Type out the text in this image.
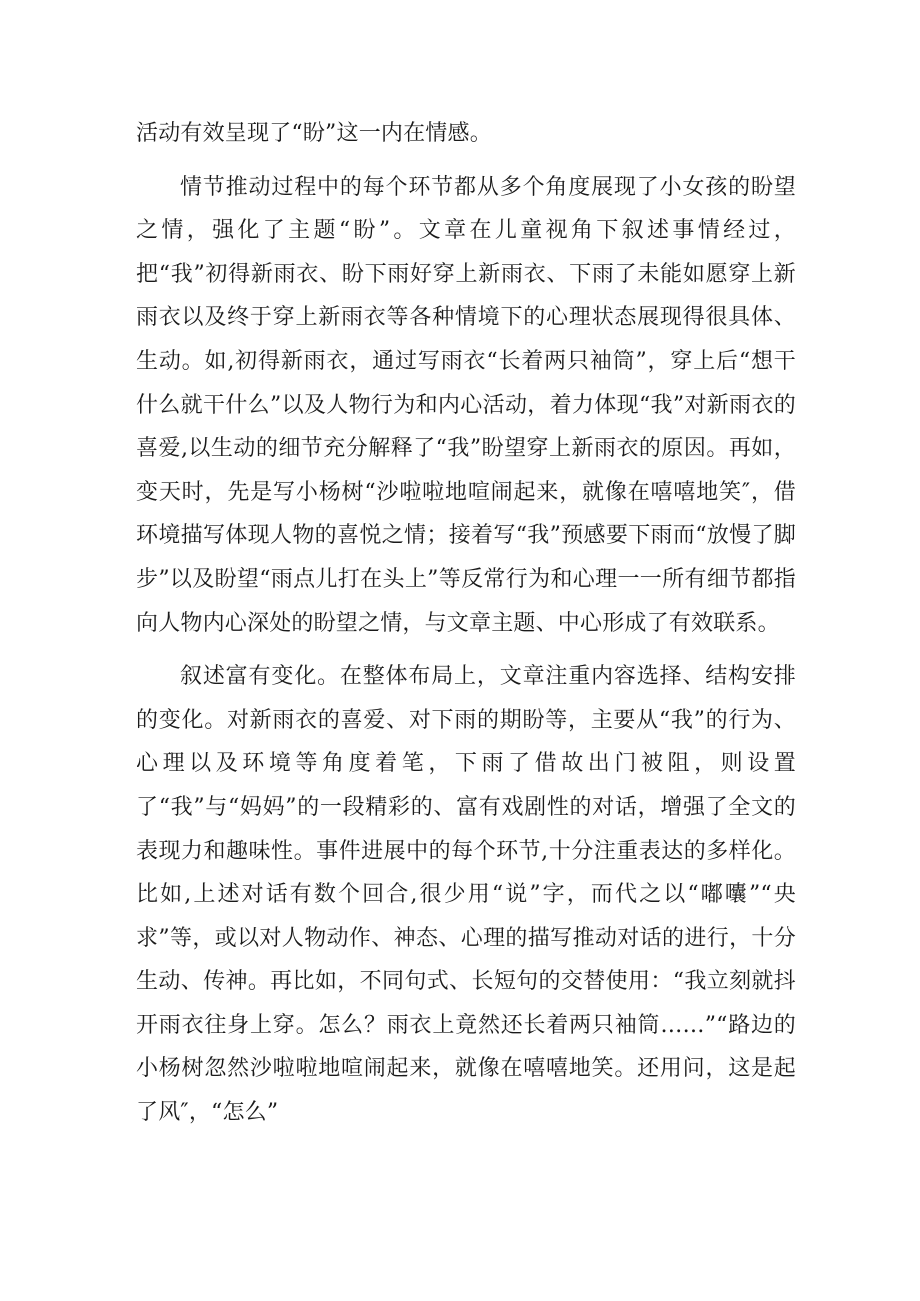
活动有效呈现了“盼”这一内在情感。

情节推动过程中的每个环节都从多个角度展现了小女孩的盼望之情，强化了主题“盼”。文章在儿童视角下叙述事情经过，把“我”初得新雨衣、盼下雨好穿上新雨衣、下雨了未能如愿穿上新雨衣以及终于穿上新雨衣等各种情境下的心理状态展现得很具体、生动。如,初得新雨衣，通过写雨衣“长着两只袖筒”，穿上后“想干什么就干什么”以及人物行为和内心活动，着力体现“我”对新雨衣的喜爱,以生动的细节充分解释了“我”盼望穿上新雨衣的原因。再如，变天时，先是写小杨树“沙啦啦地喧闹起来，就像在嘻嘻地笑″，借环境描写体现人物的喜悦之情；接着写“我”预感要下雨而“放慢了脚步”以及盼望“雨点儿打在头上”等反常行为和心理一一所有细节都指向人物内心深处的盼望之情，与文章主题、中心形成了有效联系。

叙述富有变化。在整体布局上，文章注重内容选择、结构安排的变化。对新雨衣的喜爱、对下雨的期盼等，主要从“我”的行为、心理以及环境等角度着笔，下雨了借故出门被阻，则设置了“我”与“妈妈”的一段精彩的、富有戏剧性的对话，增强了全文的表现力和趣味性。事件进展中的每个环节,十分注重表达的多样化。比如,上述对话有数个回合,很少用“说”字，而代之以“嘟囔”“央求”等，或以对人物动作、神态、心理的描写推动对话的进行，十分生动、传神。再比如，不同句式、长短句的交替使用：“我立刻就抖开雨衣往身上穿。怎么？雨衣上竟然还长着两只袖筒……”“路边的小杨树忽然沙啦啦地喧闹起来，就像在嘻嘻地笑。还用问，这是起了风″，“怎么”
